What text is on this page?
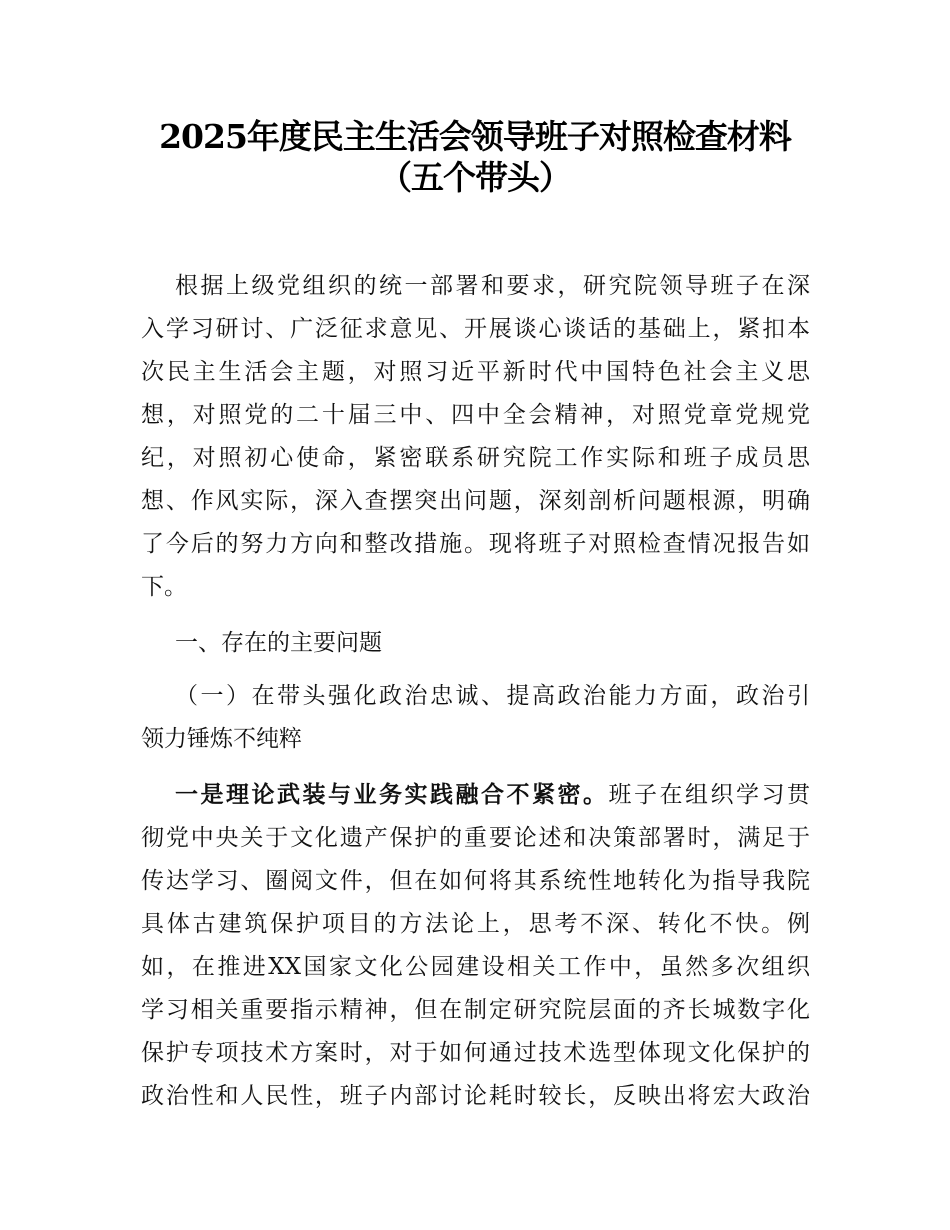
2025年度民主生活会领导班子对照检查材料
（五个带头）
根据上级党组织的统一部署和要求，研究院领导班子在深
入学习研讨、广泛征求意见、开展谈心谈话的基础上，紧扣本
次民主生活会主题，对照习近平新时代中国特色社会主义思
想，对照党的二十届三中、四中全会精神，对照党章党规党
纪，对照初心使命，紧密联系研究院工作实际和班子成员思
想、作风实际，深入查摆突出问题，深刻剖析问题根源，明确
了今后的努力方向和整改措施。现将班子对照检查情况报告如
下。
一、存在的主要问题
（一）在带头强化政治忠诚、提高政治能力方面，政治引
领力锤炼不纯粹
一是理论武装与业务实践融合不紧密。班子在组织学习贯
彻党中央关于文化遗产保护的重要论述和决策部署时，满足于
传达学习、圈阅文件，但在如何将其系统性地转化为指导我院
具体古建筑保护项目的方法论上，思考不深、转化不快。例
如，在推进XX国家文化公园建设相关工作中，虽然多次组织
学习相关重要指示精神，但在制定研究院层面的齐长城数字化
保护专项技术方案时，对于如何通过技术选型体现文化保护的
政治性和人民性，班子内部讨论耗时较长，反映出将宏大政治
